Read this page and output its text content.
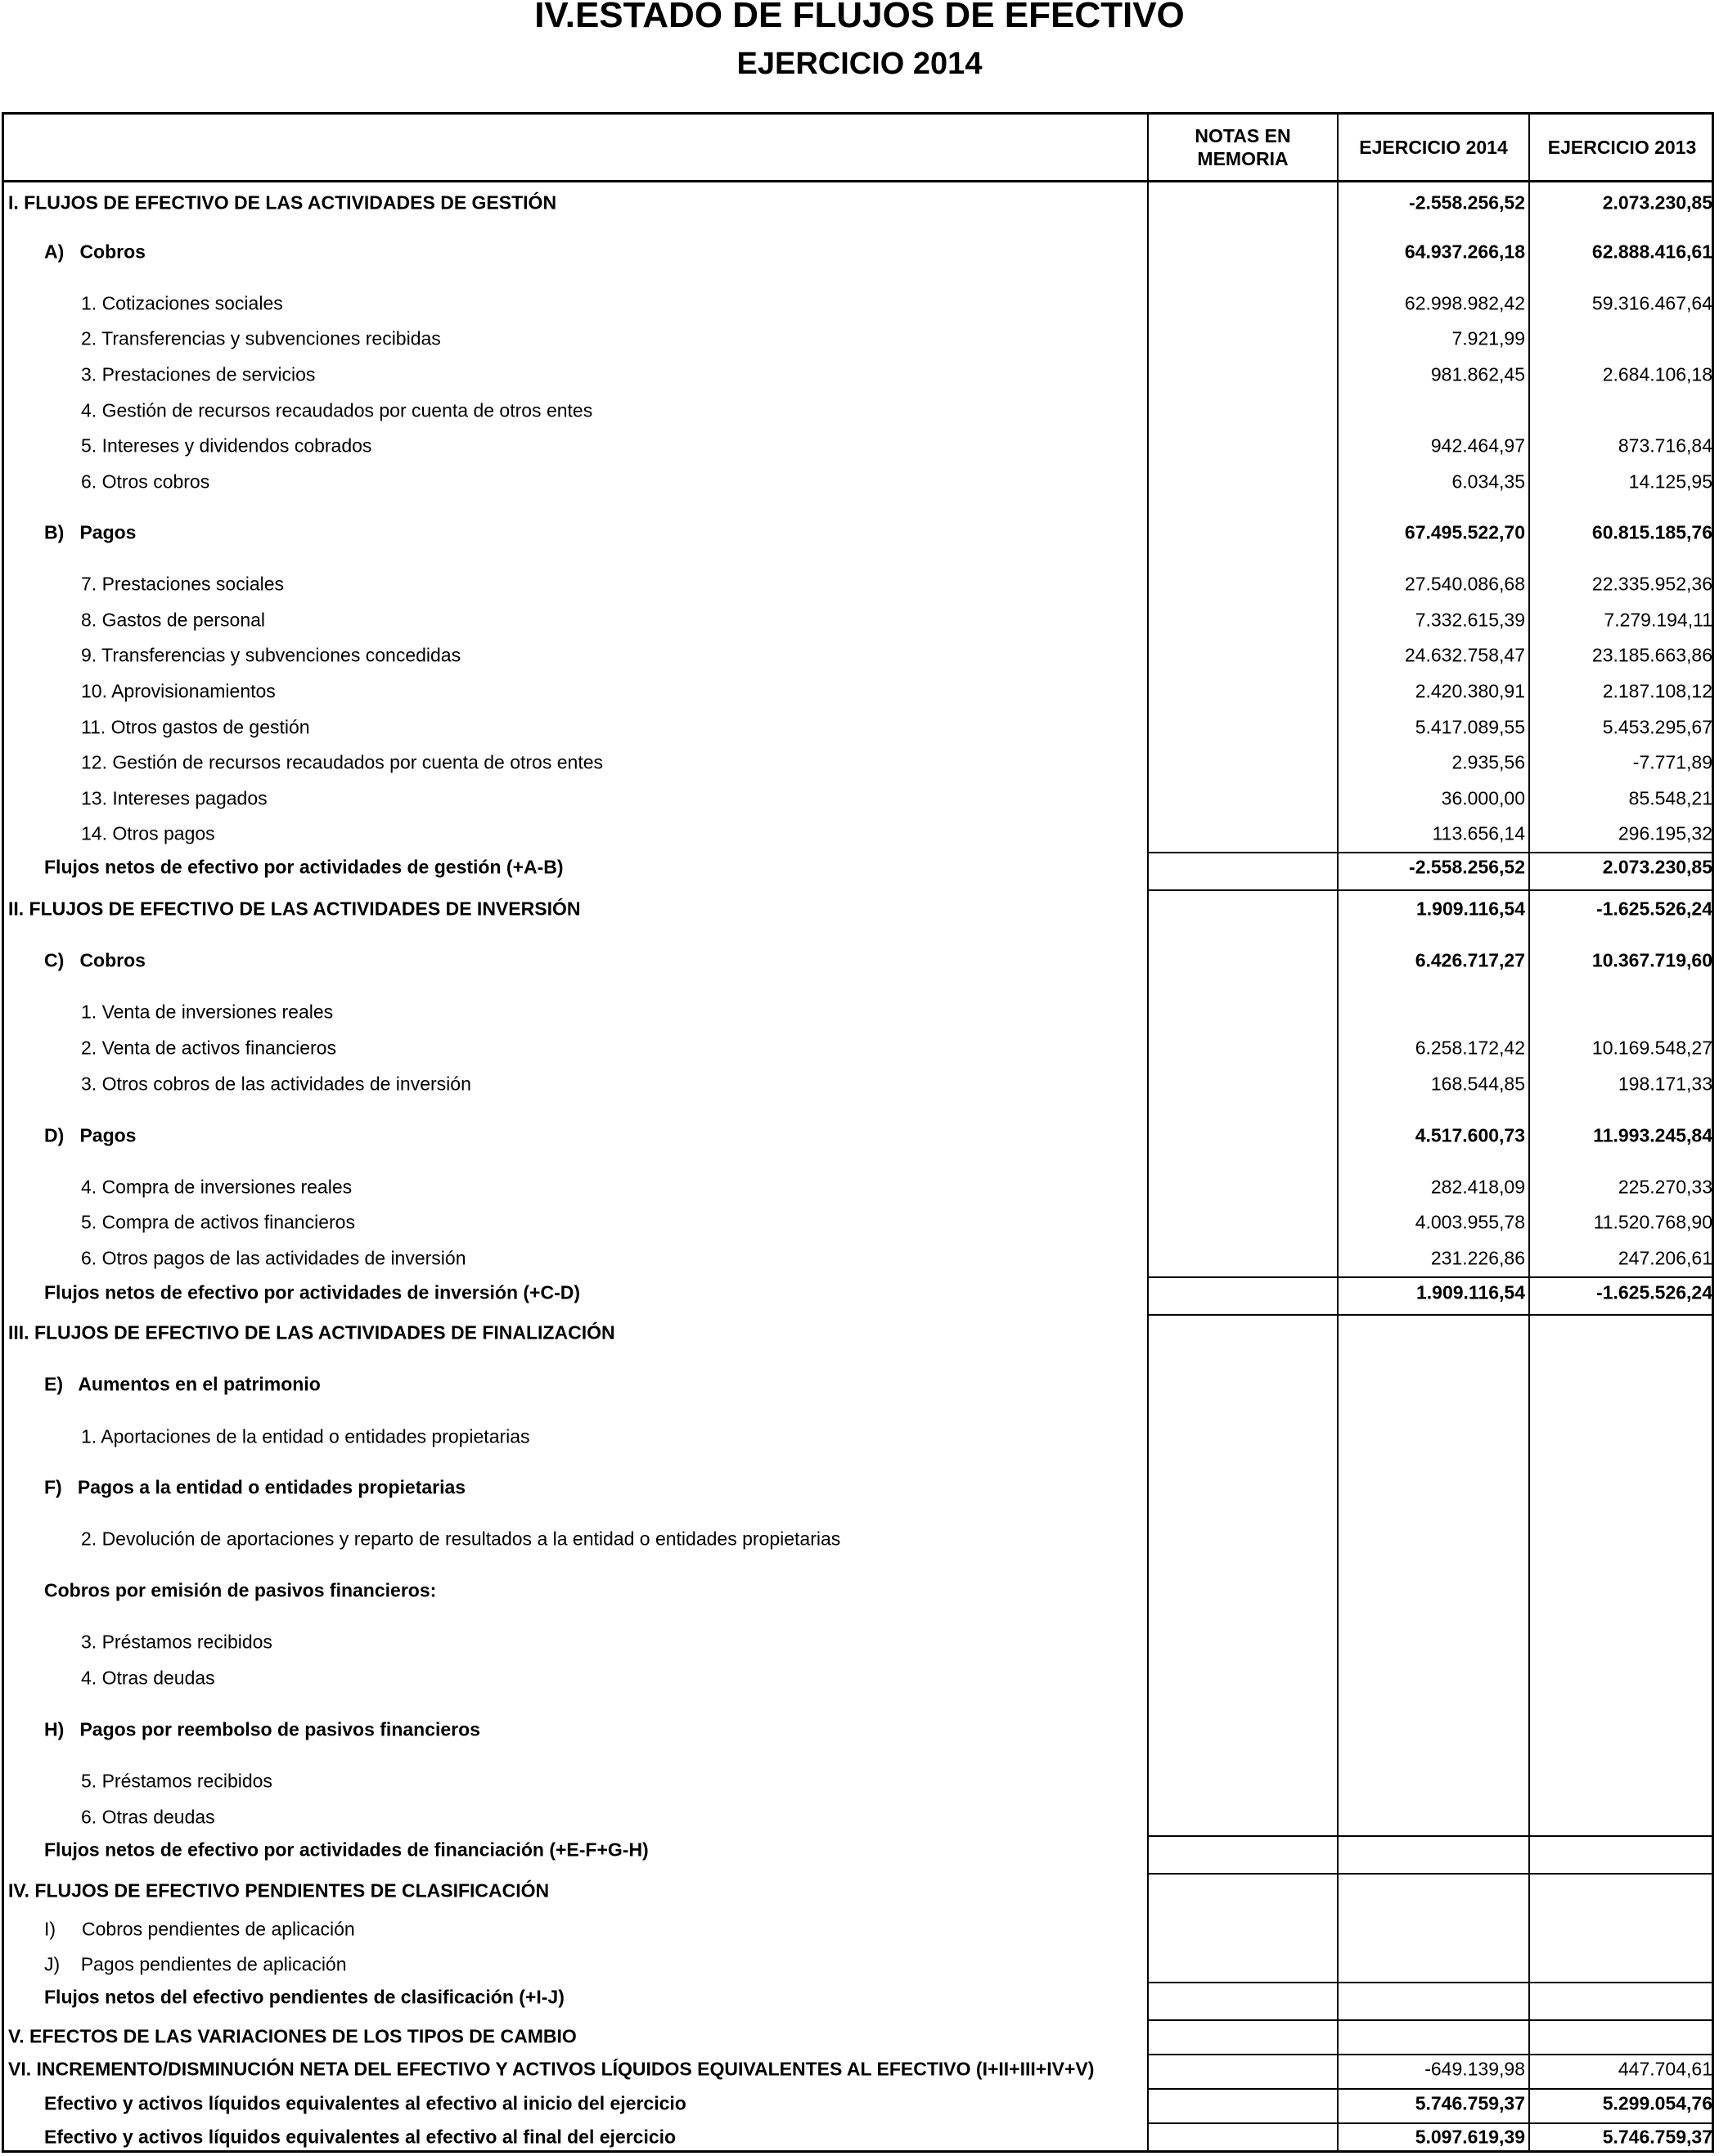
IV.ESTADO DE FLUJOS DE EFECTIVO
EJERCICIO 2014
NOTAS EN
MEMORIA
EJERCICIO 2014	EJERCICIO 2013
I. FLUJOS DE EFECTIVO DE LAS ACTIVIDADES DE GESTIÓN	-2.558.256,52	2.073.230,85
A)   Cobros	64.937.266,18	62.888.416,61
1. Cotizaciones sociales	62.998.982,42	59.316.467,64
2. Transferencias y subvenciones recibidas	7.921,99
3. Prestaciones de servicios	981.862,45	2.684.106,18
4. Gestión de recursos recaudados por cuenta de otros entes
5. Intereses y dividendos cobrados	942.464,97	873.716,84
6. Otros cobros	6.034,35	14.125,95
B)   Pagos	67.495.522,70	60.815.185,76
7. Prestaciones sociales	27.540.086,68	22.335.952,36
8. Gastos de personal	7.332.615,39	7.279.194,11
9. Transferencias y subvenciones concedidas	24.632.758,47	23.185.663,86
10. Aprovisionamientos	2.420.380,91	2.187.108,12
11. Otros gastos de gestión	5.417.089,55	5.453.295,67
12. Gestión de recursos recaudados por cuenta de otros entes	2.935,56	-7.771,89
13. Intereses pagados	36.000,00	85.548,21
14. Otros pagos	113.656,14	296.195,32
Flujos netos de efectivo por actividades de gestión (+A-B)	-2.558.256,52	2.073.230,85
II. FLUJOS DE EFECTIVO DE LAS ACTIVIDADES DE INVERSIÓN	1.909.116,54	-1.625.526,24
C)   Cobros	6.426.717,27	10.367.719,60
1. Venta de inversiones reales
2. Venta de activos financieros	6.258.172,42	10.169.548,27
3. Otros cobros de las actividades de inversión	168.544,85	198.171,33
D)   Pagos	4.517.600,73	11.993.245,84
4. Compra de inversiones reales	282.418,09	225.270,33
5. Compra de activos financieros	4.003.955,78	11.520.768,90
6. Otros pagos de las actividades de inversión	231.226,86	247.206,61
Flujos netos de efectivo por actividades de inversión (+C-D)	1.909.116,54	-1.625.526,24
III. FLUJOS DE EFECTIVO DE LAS ACTIVIDADES DE FINALIZACIÓN
E)   Aumentos en el patrimonio
1. Aportaciones de la entidad o entidades propietarias
F)   Pagos a la entidad o entidades propietarias
2. Devolución de aportaciones y reparto de resultados a la entidad o entidades propietarias
Cobros por emisión de pasivos financieros:
3. Préstamos recibidos
4. Otras deudas
H)   Pagos por reembolso de pasivos financieros
5. Préstamos recibidos
6. Otras deudas
Flujos netos de efectivo por actividades de financiación (+E-F+G-H)
IV. FLUJOS DE EFECTIVO PENDIENTES DE CLASIFICACIÓN
I)     Cobros pendientes de aplicación
J)    Pagos pendientes de aplicación
Flujos netos del efectivo pendientes de clasificación (+I-J)
V. EFECTOS DE LAS VARIACIONES DE LOS TIPOS DE CAMBIO
VI. INCREMENTO/DISMINUCIÓN NETA DEL EFECTIVO Y ACTIVOS LÍQUIDOS EQUIVALENTES AL EFECTIVO (I+II+III+IV+V)	-649.139,98	447.704,61
Efectivo y activos líquidos equivalentes al efectivo al inicio del ejercicio	5.746.759,37	5.299.054,76
Efectivo y activos líquidos equivalentes al efectivo al final del ejercicio	5.097.619,39	5.746.759,37
